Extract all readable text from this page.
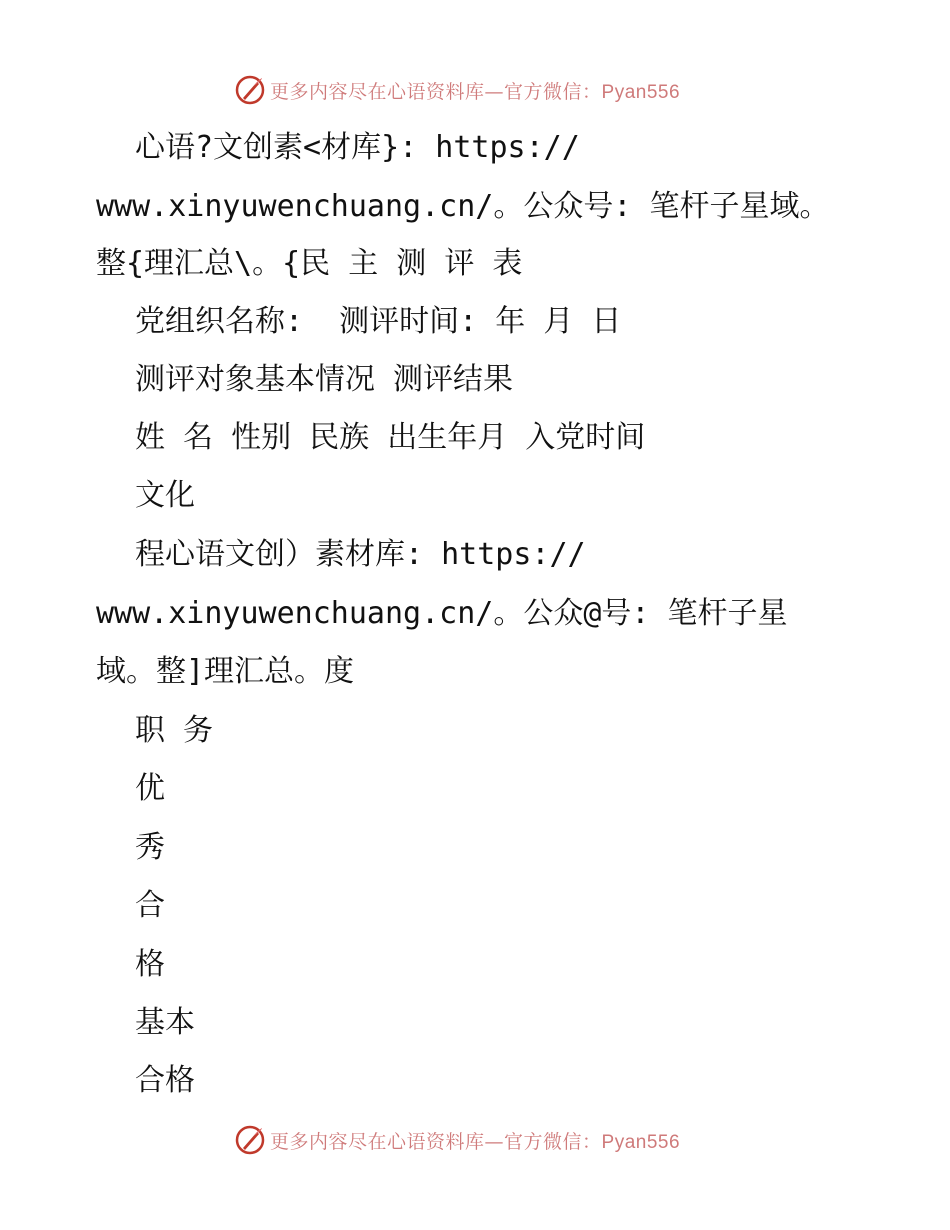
更多内容尽在心语资料库—官方微信：Pyan556
心语?文创素<材库}: https://
www.xinyuwenchuang.cn/。公众号: 笔杆子星域。
整{理汇总\。{民 主 测 评 表
党组织名称:  测评时间: 年 月 日
测评对象基本情况 测评结果
姓 名 性别 民族 出生年月 入党时间
文化
程心语文创）素材库: https://
www.xinyuwenchuang.cn/。公众@号: 笔杆子星
域。整]理汇总。度
职 务
优
秀
合
格
基本
合格
更多内容尽在心语资料库—官方微信：Pyan556
